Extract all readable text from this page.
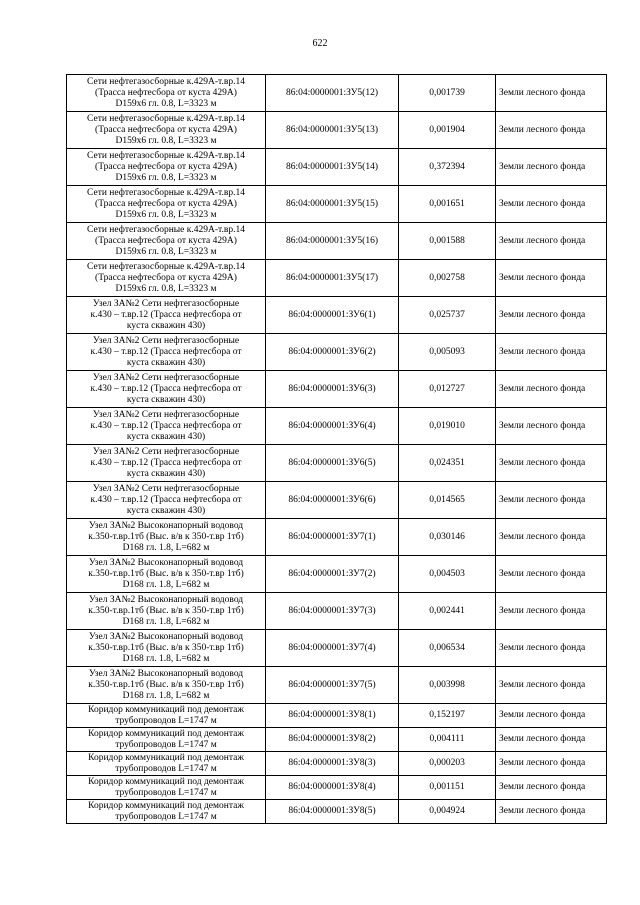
622
Сети нефтегазосборные к.429А-т.вр.14
(Трасса нефтесбора от куста 429А)
D159x6 гл. 0.8, L=3323 м	86:04:0000001:ЗУ5(12)	0,001739	Земли лесного фонда

Сети нефтегазосборные к.429А-т.вр.14
(Трасса нефтесбора от куста 429А)
D159x6 гл. 0.8, L=3323 м	86:04:0000001:ЗУ5(13)	0,001904	Земли лесного фонда

Сети нефтегазосборные к.429А-т.вр.14
(Трасса нефтесбора от куста 429А)
D159x6 гл. 0.8, L=3323 м	86:04:0000001:ЗУ5(14)	0,372394	Земли лесного фонда

Сети нефтегазосборные к.429А-т.вр.14
(Трасса нефтесбора от куста 429А)
D159x6 гл. 0.8, L=3323 м	86:04:0000001:ЗУ5(15)	0,001651	Земли лесного фонда

Сети нефтегазосборные к.429А-т.вр.14
(Трасса нефтесбора от куста 429А)
D159x6 гл. 0.8, L=3323 м	86:04:0000001:ЗУ5(16)	0,001588	Земли лесного фонда

Сети нефтегазосборные к.429А-т.вр.14
(Трасса нефтесбора от куста 429А)
D159x6 гл. 0.8, L=3323 м	86:04:0000001:ЗУ5(17)	0,002758	Земли лесного фонда

Узел ЗА№2 Сети нефтегазосборные
к.430 – т.вр.12 (Трасса нефтесбора от
куста скважин 430)	86:04:0000001:ЗУ6(1)	0,025737	Земли лесного фонда

Узел ЗА№2 Сети нефтегазосборные
к.430 – т.вр.12 (Трасса нефтесбора от
куста скважин 430)	86:04:0000001:ЗУ6(2)	0,005093	Земли лесного фонда

Узел ЗА№2 Сети нефтегазосборные
к.430 – т.вр.12 (Трасса нефтесбора от
куста скважин 430)	86:04:0000001:ЗУ6(3)	0,012727	Земли лесного фонда

Узел ЗА№2 Сети нефтегазосборные
к.430 – т.вр.12 (Трасса нефтесбора от
куста скважин 430)	86:04:0000001:ЗУ6(4)	0,019010	Земли лесного фонда

Узел ЗА№2 Сети нефтегазосборные
к.430 – т.вр.12 (Трасса нефтесбора от
куста скважин 430)	86:04:0000001:ЗУ6(5)	0,024351	Земли лесного фонда

Узел ЗА№2 Сети нефтегазосборные
к.430 – т.вр.12 (Трасса нефтесбора от
куста скважин 430)	86:04:0000001:ЗУ6(6)	0,014565	Земли лесного фонда

Узел ЗА№2 Высоконапорный водовод
к.350-т.вр.1тб (Выс. в/в к 350-т.вр 1тб)
D168 гл. 1.8, L=682 м	86:04:0000001:ЗУ7(1)	0,030146	Земли лесного фонда

Узел ЗА№2 Высоконапорный водовод
к.350-т.вр.1тб (Выс. в/в к 350-т.вр 1тб)
D168 гл. 1.8, L=682 м	86:04:0000001:ЗУ7(2)	0,004503	Земли лесного фонда

Узел ЗА№2 Высоконапорный водовод
к.350-т.вр.1тб (Выс. в/в к 350-т.вр 1тб)
D168 гл. 1.8, L=682 м	86:04:0000001:ЗУ7(3)	0,002441	Земли лесного фонда

Узел ЗА№2 Высоконапорный водовод
к.350-т.вр.1тб (Выс. в/в к 350-т.вр 1тб)
D168 гл. 1.8, L=682 м	86:04:0000001:ЗУ7(4)	0,006534	Земли лесного фонда

Узел ЗА№2 Высоконапорный водовод
к.350-т.вр.1тб (Выс. в/в к 350-т.вр 1тб)
D168 гл. 1.8, L=682 м	86:04:0000001:ЗУ7(5)	0,003998	Земли лесного фонда

Коридор коммуникаций под демонтаж
трубопроводов L=1747 м	86:04:0000001:ЗУ8(1)	0,152197	Земли лесного фонда

Коридор коммуникаций под демонтаж
трубопроводов L=1747 м	86:04:0000001:ЗУ8(2)	0,004111	Земли лесного фонда

Коридор коммуникаций под демонтаж
трубопроводов L=1747 м	86:04:0000001:ЗУ8(3)	0,000203	Земли лесного фонда

Коридор коммуникаций под демонтаж
трубопроводов L=1747 м	86:04:0000001:ЗУ8(4)	0,001151	Земли лесного фонда

Коридор коммуникаций под демонтаж
трубопроводов L=1747 м	86:04:0000001:ЗУ8(5)	0,004924	Земли лесного фонда
